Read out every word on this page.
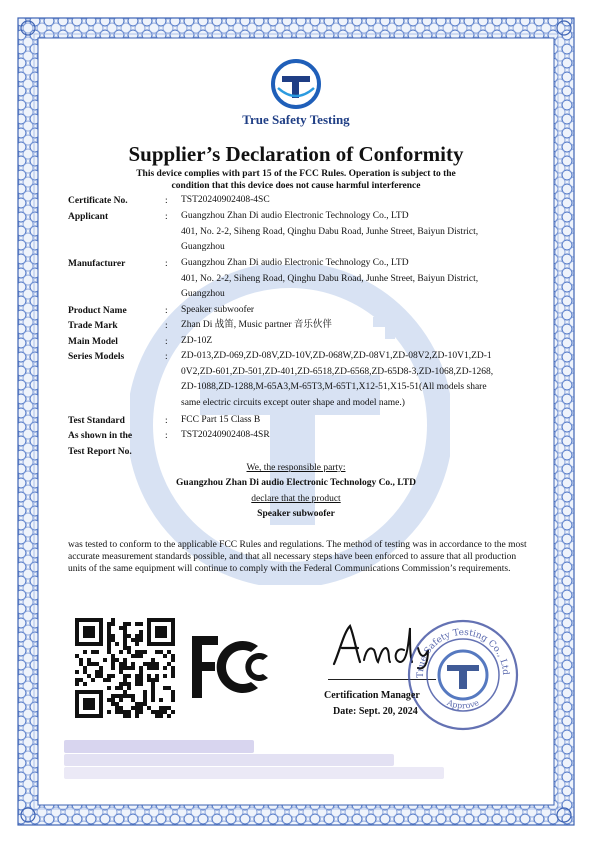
True Safety Testing
Supplier’s Declaration of Conformity
This device complies with part 15 of the FCC Rules. Operation is subject to the
condition that this device does not cause harmful interference
Certificate No.	: TST20240902408-4SC
Applicant	: Guangzhou Zhan Di audio Electronic Technology Co., LTD
401, No. 2-2, Siheng Road, Qinghu Dabu Road, Junhe Street, Baiyun District,
Guangzhou
Manufacturer	: Guangzhou Zhan Di audio Electronic Technology Co., LTD
401, No. 2-2, Siheng Road, Qinghu Dabu Road, Junhe Street, Baiyun District,
Guangzhou
Product Name	: Speaker subwoofer
Trade Mark	: Zhan Di 战笛, Music partner 音乐伙伴
Main Model	: ZD-10Z
Series Models	: ZD-013,ZD-069,ZD-08V,ZD-10V,ZD-068W,ZD-08V1,ZD-08V2,ZD-10V1,ZD-1
0V2,ZD-601,ZD-501,ZD-401,ZD-6518,ZD-6568,ZD-65D8-3,ZD-1068,ZD-1268,
ZD-1088,ZD-1288,M-65A3,M-65T3,M-65T1,X12-51,X15-51(All models share
same electric circuits except outer shape and model name.)
Test Standard	: FCC Part 15 Class B
As shown in the
Test Report No.
: TST20240902408-4SR
We, the responsible party:
Guangzhou Zhan Di audio Electronic Technology Co., LTD
declare that the product
Speaker subwoofer
was tested to conform to the applicable FCC Rules and regulations. The method of testing was in accordance to the most accurate measurement standards possible, and that all necessary steps have been enforced to assure that all production units of the same equipment will continue to comply with the Federal Communications Commission’s requirements.
True Safety Testing Co., Ltd
Approve
Certification Manager
Date: Sept. 20, 2024
